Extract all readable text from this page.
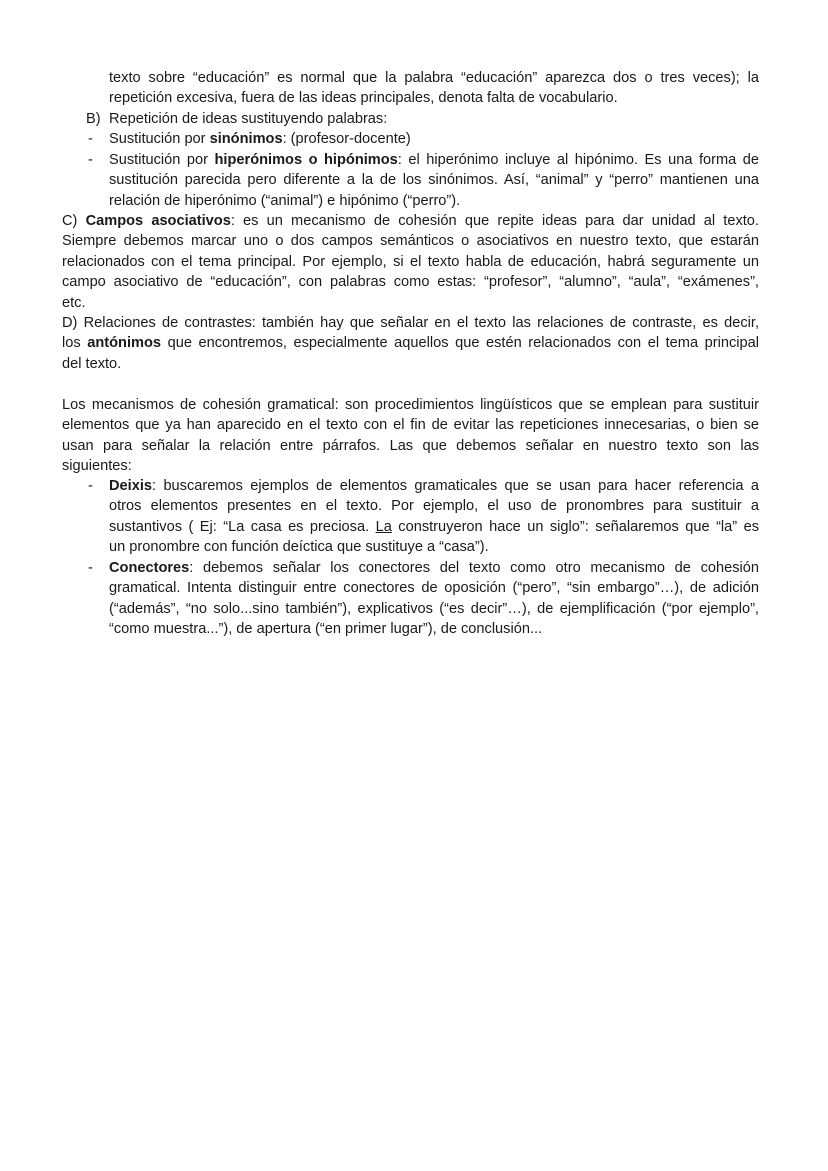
texto sobre “educación” es normal que la palabra “educación” aparezca dos o tres veces); la
repetición excesiva, fuera de las ideas principales, denota falta de vocabulario.
B) Repetición de ideas sustituyendo palabras:
- Sustitución por sinónimos: (profesor-docente)
- Sustitución por hiperónimos o hipónimos: el hiperónimo incluye al hipónimo. Es una forma de
sustitución parecida pero diferente a la de los sinónimos. Así, “animal” y “perro” mantienen una
relación de hiperónimo (“animal”) e hipónimo (“perro”).
C) Campos asociativos: es un mecanismo de cohesión que repite ideas para dar unidad al texto.
Siempre debemos marcar uno o dos campos semánticos o asociativos en nuestro texto, que estarán
relacionados con el tema principal. Por ejemplo, si el texto habla de educación, habrá seguramente un
campo asociativo de “educación”, con palabras como estas: “profesor”, “alumno”, “aula”, “exámenes”,
etc.
D) Relaciones de contrastes: también hay que señalar en el texto las relaciones de contraste, es decir,
los antónimos que encontremos, especialmente aquellos que estén relacionados con el tema principal
del texto.
Los mecanismos de cohesión gramatical: son procedimientos lingüísticos que se emplean para sustituir
elementos que ya han aparecido en el texto con el fin de evitar las repeticiones innecesarias, o bien se
usan para señalar la relación entre párrafos. Las que debemos señalar en nuestro texto son las
siguientes:
- Deixis: buscaremos ejemplos de elementos gramaticales que se usan para hacer referencia a
otros elementos presentes en el texto. Por ejemplo, el uso de pronombres para sustituir a
sustantivos ( Ej: “La casa es preciosa. La construyeron hace un siglo”: señalaremos que “la” es
un pronombre con función deíctica que sustituye a “casa”).
- Conectores: debemos señalar los conectores del texto como otro mecanismo de cohesión
gramatical. Intenta distinguir entre conectores de oposición (“pero”, “sin embargo”…), de adición
(“además”, “no solo...sino también”), explicativos (“es decir”…), de ejemplificación (“por ejemplo”,
“como muestra...”), de apertura (“en primer lugar”), de conclusión...
